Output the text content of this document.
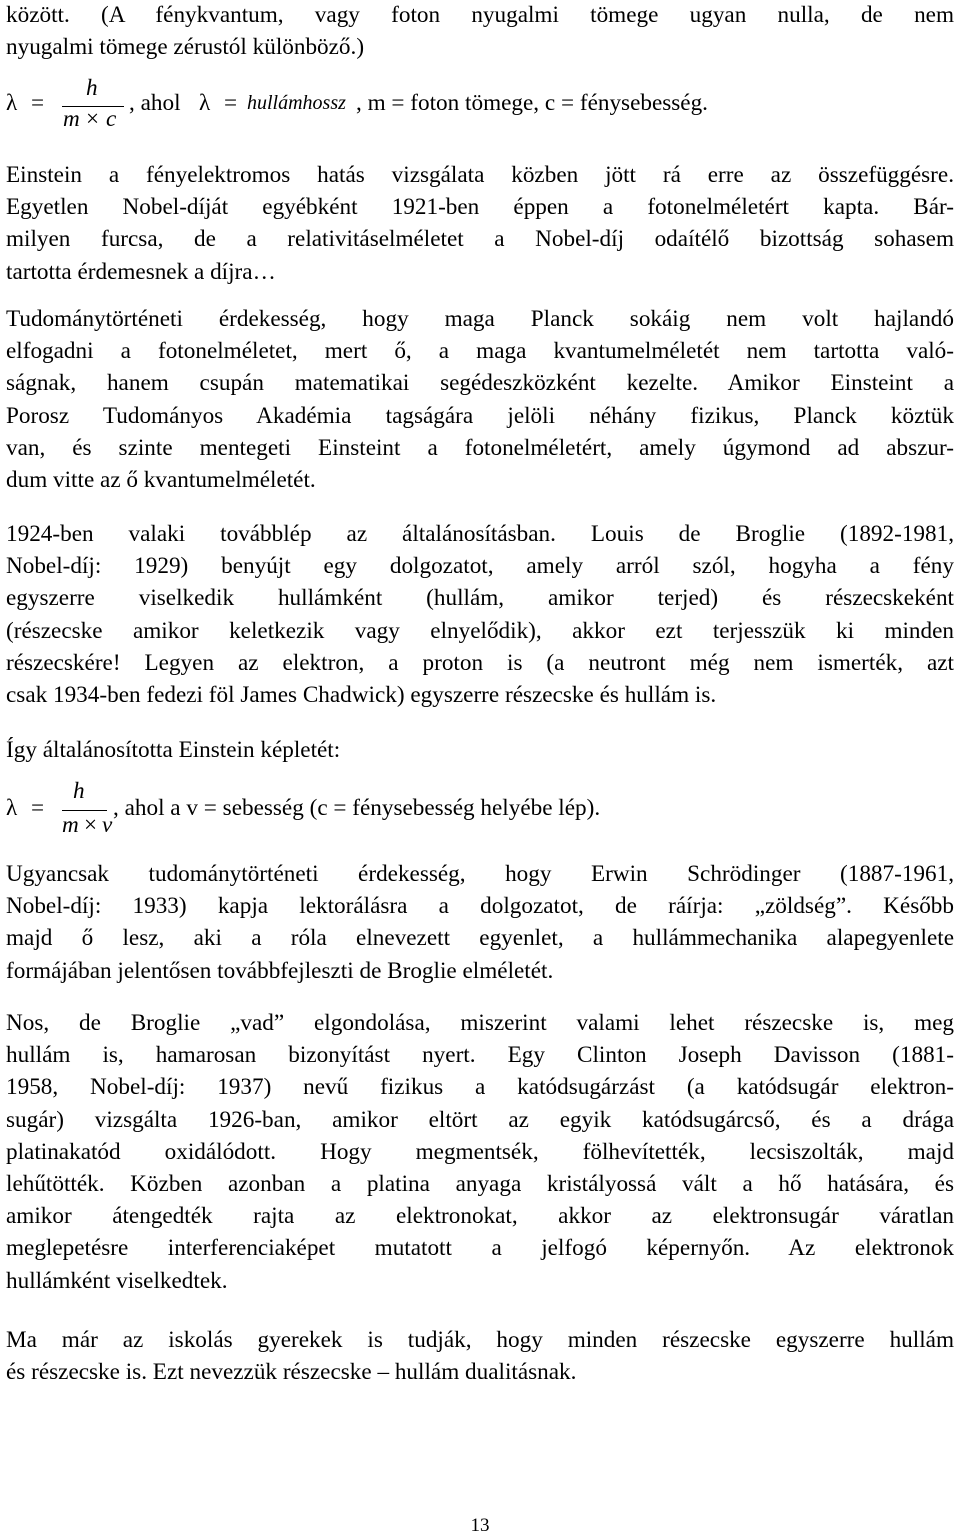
között. (A fénykvantum, vagy foton nyugalmi tömege ugyan nulla, de nem
nyugalmi tömege zérustól különböző.)
λ =
h
m × c
, ahol λ = hullámhossz , m = foton tömege, c = fénysebesség.
Einstein a fényelektromos hatás vizsgálata közben jött rá erre az összefüggésre.
Egyetlen Nobel-díját egyébként 1921-ben éppen a fotonelméletért kapta. Bár-
milyen furcsa, de a relativitáselméletet a Nobel-díj odaítélő bizottság sohasem
tartotta érdemesnek a díjra…
Tudománytörténeti érdekesség, hogy maga Planck sokáig nem volt hajlandó
elfogadni a fotonelméletet, mert ő, a maga kvantumelméletét nem tartotta való-
ságnak, hanem csupán matematikai segédeszközként kezelte. Amikor Einsteint a
Porosz Tudományos Akadémia tagságára jelöli néhány fizikus, Planck köztük
van, és szinte mentegeti Einsteint a fotonelméletért, amely úgymond ad abszur-
dum vitte az ő kvantumelméletét.
1924-ben valaki továbblép az általánosításban. Louis de Broglie (1892-1981,
Nobel-díj: 1929) benyújt egy dolgozatot, amely arról szól, hogyha a fény
egyszerre viselkedik hullámként (hullám, amikor terjed) és részecskeként
(részecske amikor keletkezik vagy elnyelődik), akkor ezt terjesszük ki minden
részecskére! Legyen az elektron, a proton is (a neutront még nem ismerték, azt
csak 1934-ben fedezi föl James Chadwick) egyszerre részecske és hullám is.
Így általánosította Einstein képletét:
λ =
h
m × v
, ahol a v = sebesség (c = fénysebesség helyébe lép).
Ugyancsak tudománytörténeti érdekesség, hogy Erwin Schrödinger (1887-1961,
Nobel-díj: 1933) kapja lektorálásra a dolgozatot, de ráírja: „zöldség”. Később
majd ő lesz, aki a róla elnevezett egyenlet, a hullámmechanika alapegyenlete
formájában jelentősen továbbfejleszti de Broglie elméletét.
Nos, de Broglie „vad” elgondolása, miszerint valami lehet részecske is, meg
hullám is, hamarosan bizonyítást nyert. Egy Clinton Joseph Davisson (1881-
1958, Nobel-díj: 1937) nevű fizikus a katódsugárzást (a katódsugár elektron-
sugár) vizsgálta 1926-ban, amikor eltört az egyik katódsugárcső, és a drága
platinakatód oxidálódott. Hogy megmentsék, fölhevítették, lecsiszolták, majd
lehűtötték. Közben azonban a platina anyaga kristályossá vált a hő hatására, és
amikor átengedték rajta az elektronokat, akkor az elektronsugár váratlan
meglepetésre interferenciaképet mutatott a jelfogó képernyőn. Az elektronok
hullámként viselkedtek.
Ma már az iskolás gyerekek is tudják, hogy minden részecske egyszerre hullám
és részecske is. Ezt nevezzük részecske – hullám dualitásnak.
13
